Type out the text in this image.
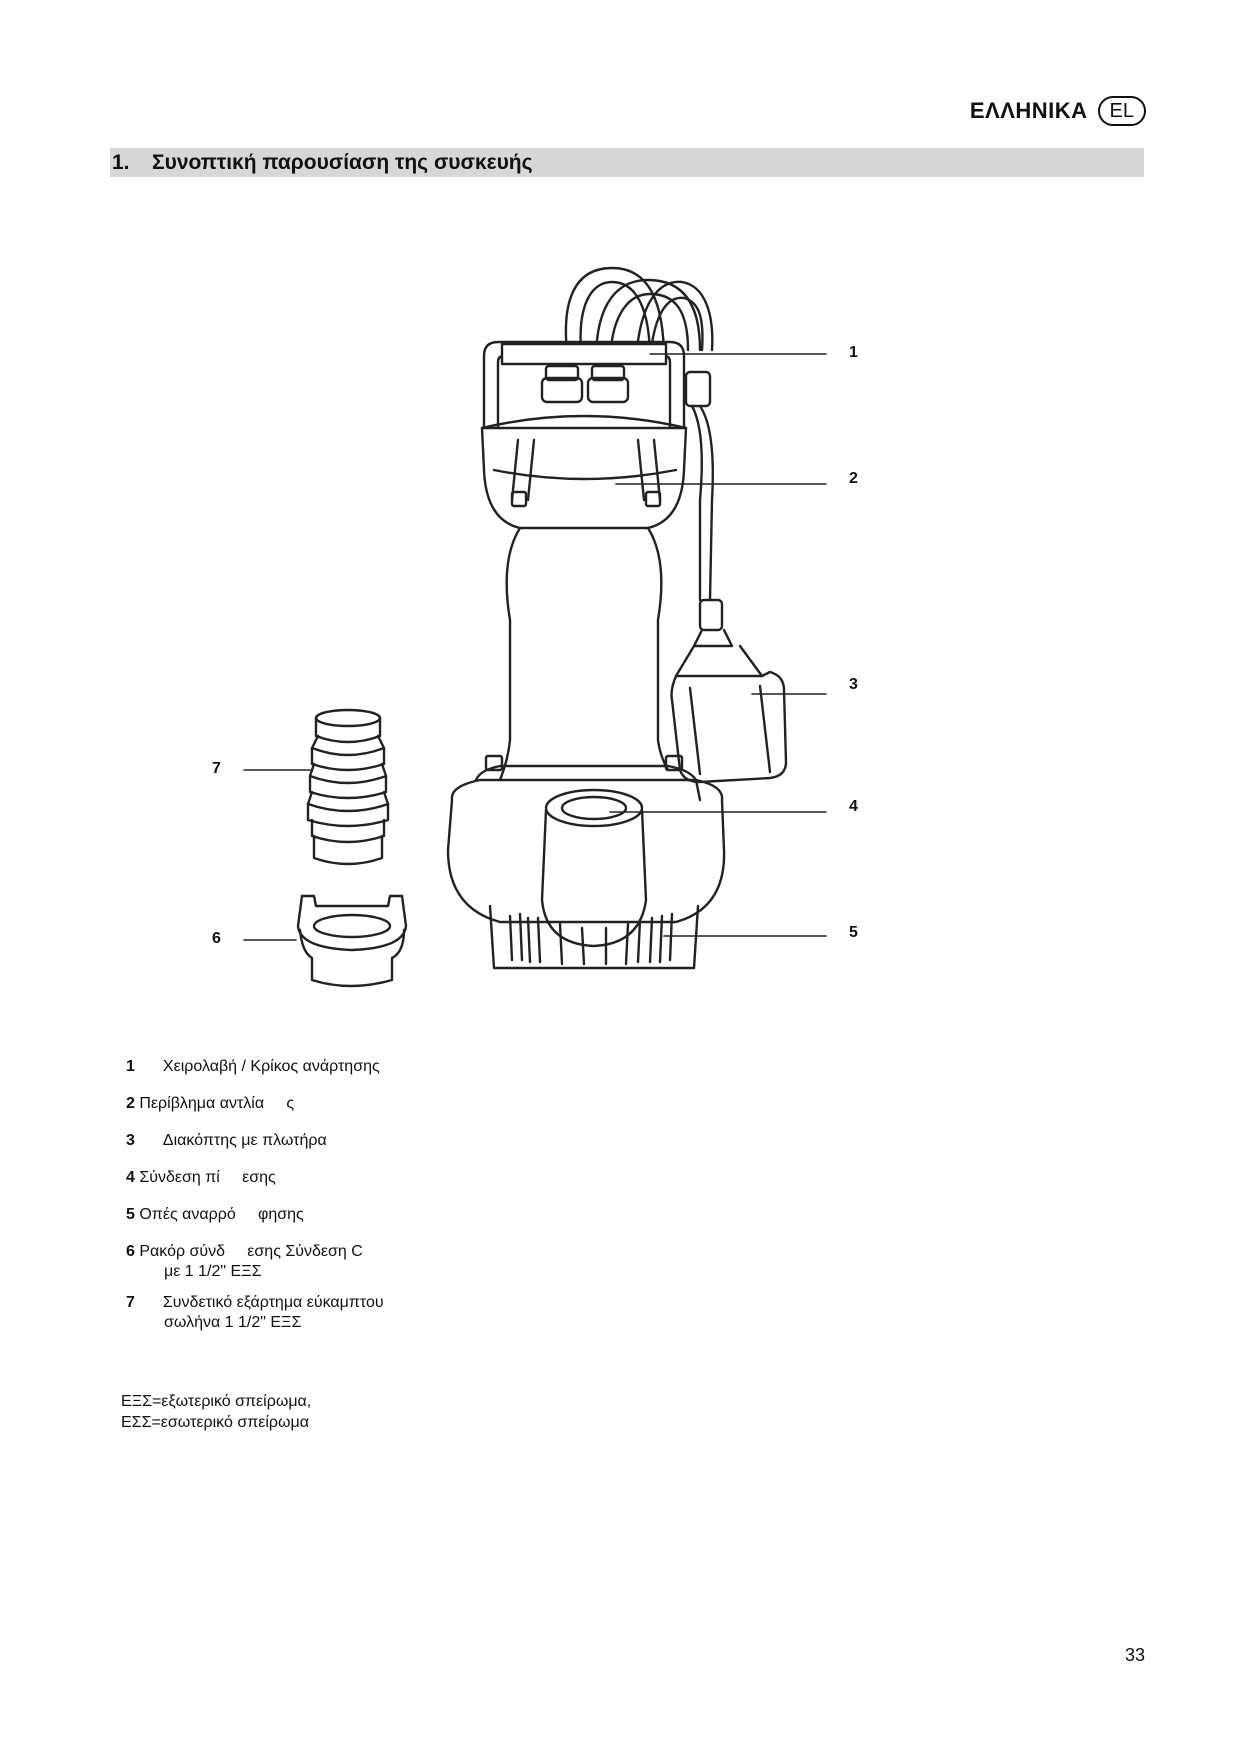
ΕΛΛΗΝΙΚΑ	EL
1. Συνοπτική παρουσίαση της συσκευής
1
2
3
4
5
6
7
1 Χειρολαβή / Κρίκος ανάρτησης
2 Περίβλημα αντλία     ς
3 Διακόπτης με πλωτήρα
4 Σύνδεση πί     εσης
5 Οπές αναρρό     φησης
6 Ρακόρ σύνδ     εσης Σύνδεση C
με 1 1/2" ΕΞΣ
7 Συνδετικό εξάρτημα εύκαμπτου
σωλήνα 1 1/2" ΕΞΣ
ΕΞΣ=εξωτερικό σπείρωμα,
ΕΣΣ=εσωτερικό σπείρωμα
33
